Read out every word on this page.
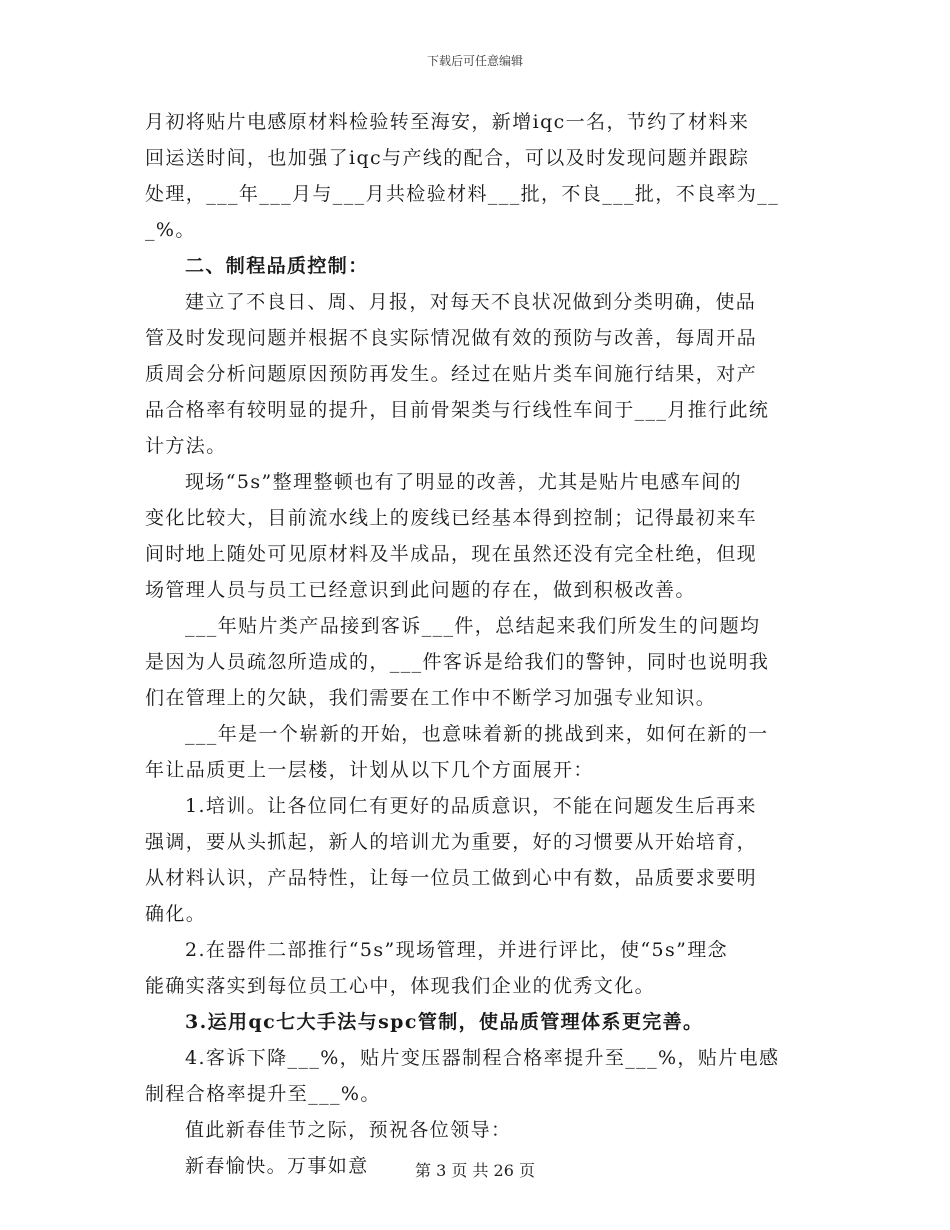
下载后可任意编辑
月初将贴片电感原材料检验转至海安，新增iqc一名，节约了材料来
回运送时间，也加强了iqc与产线的配合，可以及时发现问题并跟踪
处理，___年___月与___月共检验材料___批，不良___批，不良率为__
_%。
二、制程品质控制：
建立了不良日、周、月报，对每天不良状况做到分类明确，使品
管及时发现问题并根据不良实际情况做有效的预防与改善，每周开品
质周会分析问题原因预防再发生。经过在贴片类车间施行结果，对产
品合格率有较明显的提升，目前骨架类与行线性车间于___月推行此统
计方法。
现场“5s”整理整顿也有了明显的改善，尤其是贴片电感车间的
变化比较大，目前流水线上的废线已经基本得到控制；记得最初来车
间时地上随处可见原材料及半成品，现在虽然还没有完全杜绝，但现
场管理人员与员工已经意识到此问题的存在，做到积极改善。
___年贴片类产品接到客诉___件，总结起来我们所发生的问题均
是因为人员疏忽所造成的，___件客诉是给我们的警钟，同时也说明我
们在管理上的欠缺，我们需要在工作中不断学习加强专业知识。
___年是一个崭新的开始，也意味着新的挑战到来，如何在新的一
年让品质更上一层楼，计划从以下几个方面展开：
1.培训。让各位同仁有更好的品质意识，不能在问题发生后再来
强调，要从头抓起，新人的培训尤为重要，好的习惯要从开始培育，
从材料认识，产品特性，让每一位员工做到心中有数，品质要求要明
确化。
2.在器件二部推行“5s”现场管理，并进行评比，使“5s”理念
能确实落实到每位员工心中，体现我们企业的优秀文化。
3.运用qc七大手法与spc管制，使品质管理体系更完善。
4.客诉下降___%，贴片变压器制程合格率提升至___%，贴片电感
制程合格率提升至___%。
值此新春佳节之际，预祝各位领导：
新春愉快。万事如意	第 3 页 共 26 页
